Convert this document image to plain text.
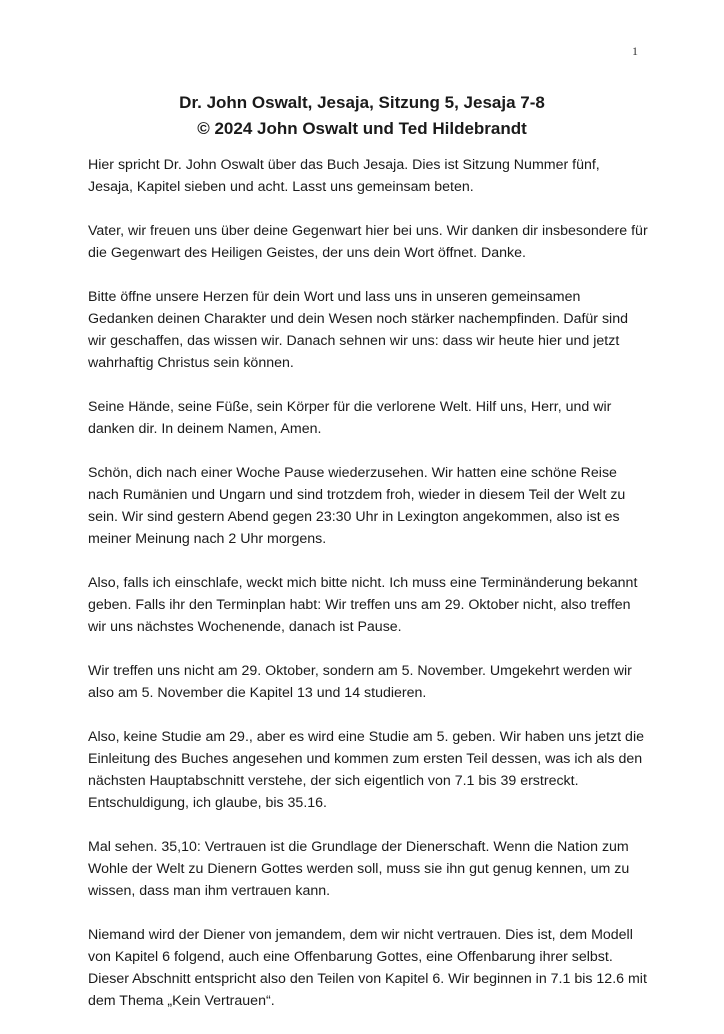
1

Dr. John Oswalt, Jesaja, Sitzung 5, Jesaja 7-8

© 2024 John Oswalt und Ted Hildebrandt

Hier spricht Dr. John Oswalt über das Buch Jesaja. Dies ist Sitzung Nummer fünf, Jesaja, Kapitel sieben und acht. Lasst uns gemeinsam beten.

Vater, wir freuen uns über deine Gegenwart hier bei uns. Wir danken dir insbesondere für die Gegenwart des Heiligen Geistes, der uns dein Wort öffnet. Danke.

Bitte öffne unsere Herzen für dein Wort und lass uns in unseren gemeinsamen Gedanken deinen Charakter und dein Wesen noch stärker nachempfinden. Dafür sind wir geschaffen, das wissen wir. Danach sehnen wir uns: dass wir heute hier und jetzt wahrhaftig Christus sein können.

Seine Hände, seine Füße, sein Körper für die verlorene Welt. Hilf uns, Herr, und wir danken dir. In deinem Namen, Amen.

Schön, dich nach einer Woche Pause wiederzusehen. Wir hatten eine schöne Reise nach Rumänien und Ungarn und sind trotzdem froh, wieder in diesem Teil der Welt zu sein. Wir sind gestern Abend gegen 23:30 Uhr in Lexington angekommen, also ist es meiner Meinung nach 2 Uhr morgens.

Also, falls ich einschlafe, weckt mich bitte nicht. Ich muss eine Terminänderung bekannt geben. Falls ihr den Terminplan habt: Wir treffen uns am 29. Oktober nicht, also treffen wir uns nächstes Wochenende, danach ist Pause.

Wir treffen uns nicht am 29. Oktober, sondern am 5. November. Umgekehrt werden wir also am 5. November die Kapitel 13 und 14 studieren.

Also, keine Studie am 29., aber es wird eine Studie am 5. geben. Wir haben uns jetzt die Einleitung des Buches angesehen und kommen zum ersten Teil dessen, was ich als den nächsten Hauptabschnitt verstehe, der sich eigentlich von 7.1 bis 39 erstreckt. Entschuldigung, ich glaube, bis 35.16.

Mal sehen. 35,10: Vertrauen ist die Grundlage der Dienerschaft. Wenn die Nation zum Wohle der Welt zu Dienern Gottes werden soll, muss sie ihn gut genug kennen, um zu wissen, dass man ihm vertrauen kann.

Niemand wird der Diener von jemandem, dem wir nicht vertrauen. Dies ist, dem Modell von Kapitel 6 folgend, auch eine Offenbarung Gottes, eine Offenbarung ihrer selbst. Dieser Abschnitt entspricht also den Teilen von Kapitel 6. Wir beginnen in 7.1 bis 12.6 mit dem Thema „Kein Vertrauen“.
